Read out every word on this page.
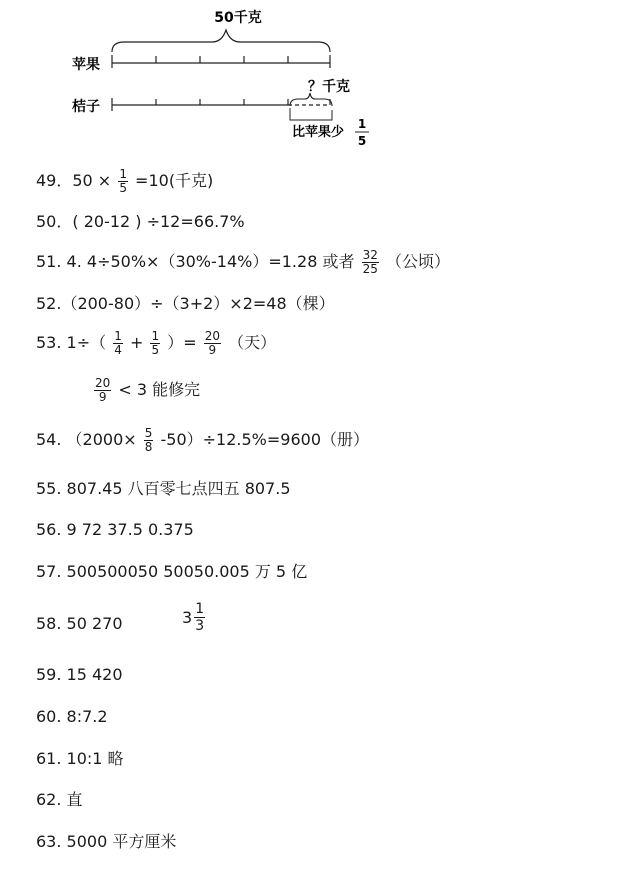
50千克
苹果
？千克
桔子
比苹果少
1
5
49．$50 \times \frac{1}{5} =10$(千克)
50．( 20-12 ) ÷12=66.7%
51. 4. 4÷50%×（30%-14%）=1.28 或者 $\frac{32}{25}$ （公顷）
52.（200-80）÷（3+2）×2=48（棵）
53. $1\div( \frac{1}{4} + \frac{1}{5}$ ）= $\frac{20}{9}$ （天）
$\frac{20}{9} < 3$ 能修完
54. $(2000\times \frac{5}{8} -50)\div 12.5\%=9600$（册）
55. 807.45 八百零七点四五 807.5
56. 9 72 37.5 0.375
57. 500500050 50050.005 万 5 亿
58. 50 270	$3 \frac{1}{3}$
59. 15 420
60. 8:7.2
61. 10:1 略
62. 直
63. 5000 平方厘米
